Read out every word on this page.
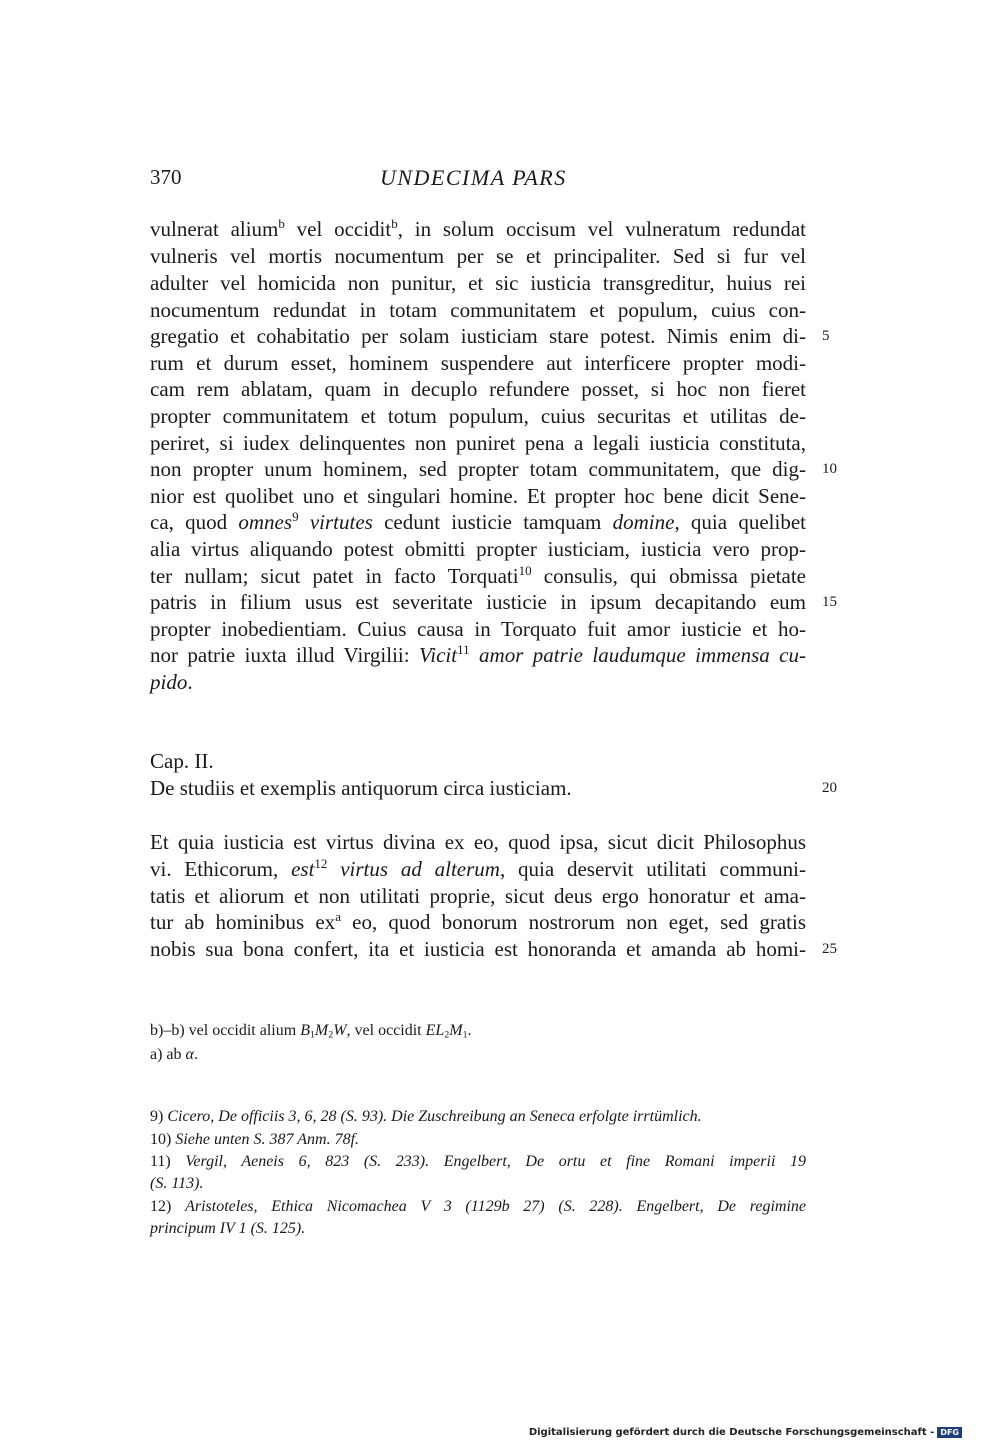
370	UNDECIMA PARS
vulnerat alium$^b$ vel occidit$^b$, in solum occisum vel vulneratum redundat
vulneris vel mortis nocumentum per se et principaliter. Sed si fur vel
adulter vel homicida non punitur, et sic iusticia transgreditur, huius rei
nocumentum redundat in totam communitatem et populum, cuius con-
gregatio et cohabitatio per solam iusticiam stare potest. Nimis enim di-
rum et durum esset, hominem suspendere aut interficere propter modi-
cam rem ablatam, quam in decuplo refundere posset, si hoc non fieret
propter communitatem et totum populum, cuius securitas et utilitas de-
periret, si iudex delinquentes non puniret pena a legali iusticia constituta,
non propter unum hominem, sed propter totam communitatem, que dig-
nior est quolibet uno et singulari homine. Et propter hoc bene dicit Sene-
ca, quod omnes$^9$ virtutes cedunt iusticie tamquam domine, quia quelibet
alia virtus aliquando potest obmitti propter iusticiam, iusticia vero prop-
ter nullam; sicut patet in facto Torquati$^{10}$ consulis, qui obmissa pietate
patris in filium usus est severitate iusticie in ipsum decapitando eum
propter inobedientiam. Cuius causa in Torquato fuit amor iusticie et ho-
nor patrie iuxta illud Virgilii: Vicit$^{11}$ amor patrie laudumque immensa cu-
pido.
Cap. II.
De studiis et exemplis antiquorum circa iusticiam.
Et quia iusticia est virtus divina ex eo, quod ipsa, sicut dicit Philosophus
vi. Ethicorum, est$^{12}$ virtus ad alterum, quia deservit utilitati communi-
tatis et aliorum et non utilitati proprie, sicut deus ergo honoratur et ama-
tur ab hominibus $ex^a$ eo, quod bonorum nostrorum non eget, sed gratis
nobis sua bona confert, ita et iusticia est honoranda et amanda ab homi-
5
10
15
20
25
b)–b) vel occidit alium $B_1M_2W$, vel occidit $EL_2M_1$.
a) ab α.
9) Cicero, De officiis 3, 6, 28 (S. 93). Die Zuschreibung an Seneca erfolgte irrtümlich.
10) Siehe unten S. 387 Anm. 78f.
11) Vergil, Aeneis 6, 823 (S. 233). Engelbert, De ortu et fine Romani imperii 19
(S. 113).
12) Aristoteles, Ethica Nicomachea V 3 (1129b 27) (S. 228). Engelbert, De regimine
principum IV 1 (S. 125).
Digitalisierung gefördert durch die Deutsche Forschungsgemeinschaft - DFG
